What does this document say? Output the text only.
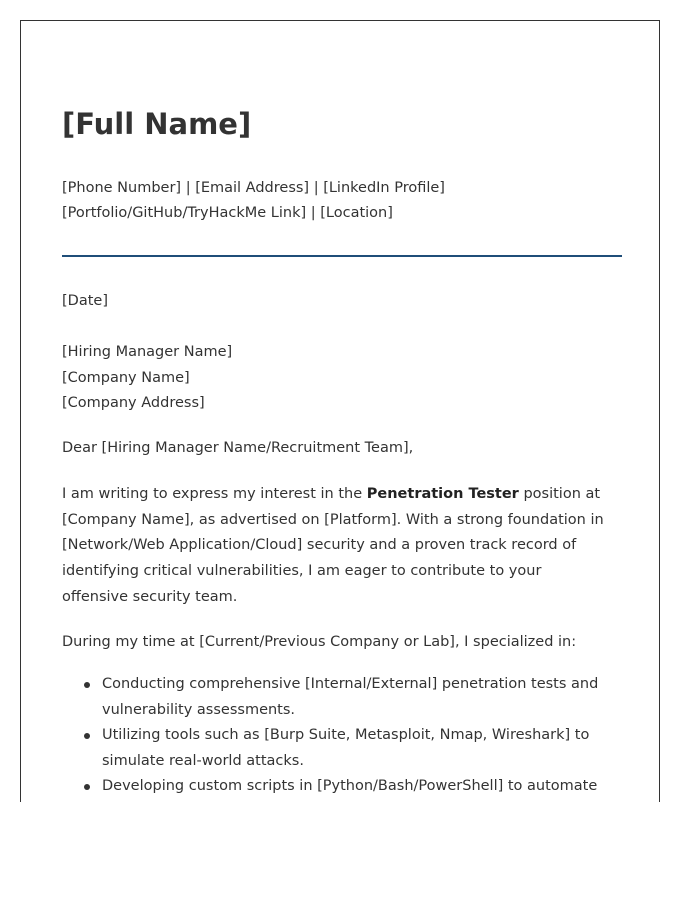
[Full Name]
[Phone Number] | [Email Address] | [LinkedIn Profile]
[Portfolio/GitHub/TryHackMe Link] | [Location]
[Date]
[Hiring Manager Name]
[Company Name]
[Company Address]
Dear [Hiring Manager Name/Recruitment Team],

I am writing to express my interest in the Penetration Tester position at [Company Name], as advertised on [Platform]. With a strong foundation in [Network/Web Application/Cloud] security and a proven track record of identifying critical vulnerabilities, I am eager to contribute to your offensive security team.

During my time at [Current/Previous Company or Lab], I specialized in:

Conducting comprehensive [Internal/External] penetration tests and vulnerability assessments.
Utilizing tools such as [Burp Suite, Metasploit, Nmap, Wireshark] to simulate real-world attacks.
Developing custom scripts in [Python/Bash/PowerShell] to automate
